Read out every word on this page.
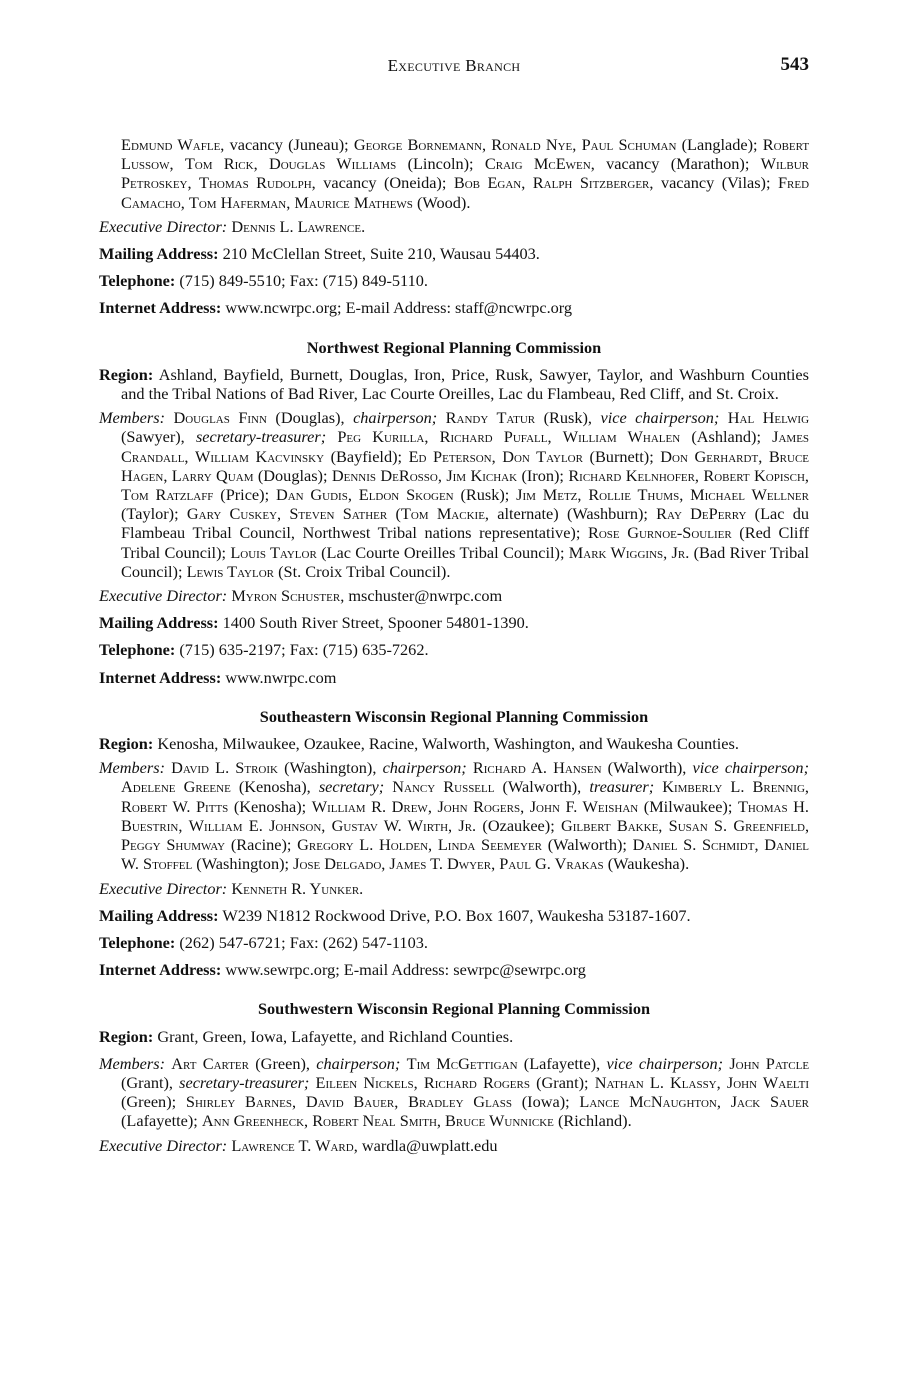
Executive Branch	543

Edmund Wafle, vacancy (Juneau); George Bornemann, Ronald Nye, Paul Schuman (Langlade); Robert Lussow, Tom Rick, Douglas Williams (Lincoln); Craig McEwen, vacancy (Marathon); Wilbur Petroskey, Thomas Rudolph, vacancy (Oneida); Bob Egan, Ralph Sitzberger, vacancy (Vilas); Fred Camacho, Tom Haferman, Maurice Mathews (Wood).

Executive Director: Dennis L. Lawrence.

Mailing Address: 210 McClellan Street, Suite 210, Wausau 54403.

Telephone: (715) 849-5510; Fax: (715) 849-5110.

Internet Address: www.ncwrpc.org; E-mail Address: staff@ncwrpc.org

Northwest Regional Planning Commission

Region: Ashland, Bayfield, Burnett, Douglas, Iron, Price, Rusk, Sawyer, Taylor, and Washburn Counties and the Tribal Nations of Bad River, Lac Courte Oreilles, Lac du Flambeau, Red Cliff, and St. Croix.

Members: Douglas Finn (Douglas), chairperson; Randy Tatur (Rusk), vice chairperson; Hal Helwig (Sawyer), secretary-treasurer; Peg Kurilla, Richard Pufall, William Whalen (Ashland); James Crandall, William Kacvinsky (Bayfield); Ed Peterson, Don Taylor (Burnett); Don Gerhardt, Bruce Hagen, Larry Quam (Douglas); Dennis DeRosso, Jim Kichak (Iron); Richard Kelnhofer, Robert Kopisch, Tom Ratzlaff (Price); Dan Gudis, Eldon Skogen (Rusk); Jim Metz, Rollie Thums, Michael Wellner (Taylor); Gary Cuskey, Steven Sather (Tom Mackie, alternate) (Washburn); Ray DePerry (Lac du Flambeau Tribal Council, Northwest Tribal nations representative); Rose Gurnoe-Soulier (Red Cliff Tribal Council); Louis Taylor (Lac Courte Oreilles Tribal Council); Mark Wiggins, Jr. (Bad River Tribal Council); Lewis Taylor (St. Croix Tribal Council).

Executive Director: Myron Schuster, mschuster@nwrpc.com

Mailing Address: 1400 South River Street, Spooner 54801-1390.

Telephone: (715) 635-2197; Fax: (715) 635-7262.

Internet Address: www.nwrpc.com

Southeastern Wisconsin Regional Planning Commission

Region: Kenosha, Milwaukee, Ozaukee, Racine, Walworth, Washington, and Waukesha Counties.

Members: David L. Stroik (Washington), chairperson; Richard A. Hansen (Walworth), vice chairperson; Adelene Greene (Kenosha), secretary; Nancy Russell (Walworth), treasurer; Kimberly L. Brennig, Robert W. Pitts (Kenosha); William R. Drew, John Rogers, John F. Weishan (Milwaukee); Thomas H. Buestrin, William E. Johnson, Gustav W. Wirth, Jr. (Ozaukee); Gilbert Bakke, Susan S. Greenfield, Peggy Shumway (Racine); Gregory L. Holden, Linda Seemeyer (Walworth); Daniel S. Schmidt, Daniel W. Stoffel (Washington); Jose Delgado, James T. Dwyer, Paul G. Vrakas (Waukesha).

Executive Director: Kenneth R. Yunker.

Mailing Address: W239 N1812 Rockwood Drive, P.O. Box 1607, Waukesha 53187-1607.

Telephone: (262) 547-6721; Fax: (262) 547-1103.

Internet Address: www.sewrpc.org; E-mail Address: sewrpc@sewrpc.org

Southwestern Wisconsin Regional Planning Commission

Region: Grant, Green, Iowa, Lafayette, and Richland Counties.

Members: Art Carter (Green), chairperson; Tim McGettigan (Lafayette), vice chairperson; John Patcle (Grant), secretary-treasurer; Eileen Nickels, Richard Rogers (Grant); Nathan L. Klassy, John Waelti (Green); Shirley Barnes, David Bauer, Bradley Glass (Iowa); Lance McNaughton, Jack Sauer (Lafayette); Ann Greenheck, Robert Neal Smith, Bruce Wunnicke (Richland).

Executive Director: Lawrence T. Ward, wardla@uwplatt.edu
